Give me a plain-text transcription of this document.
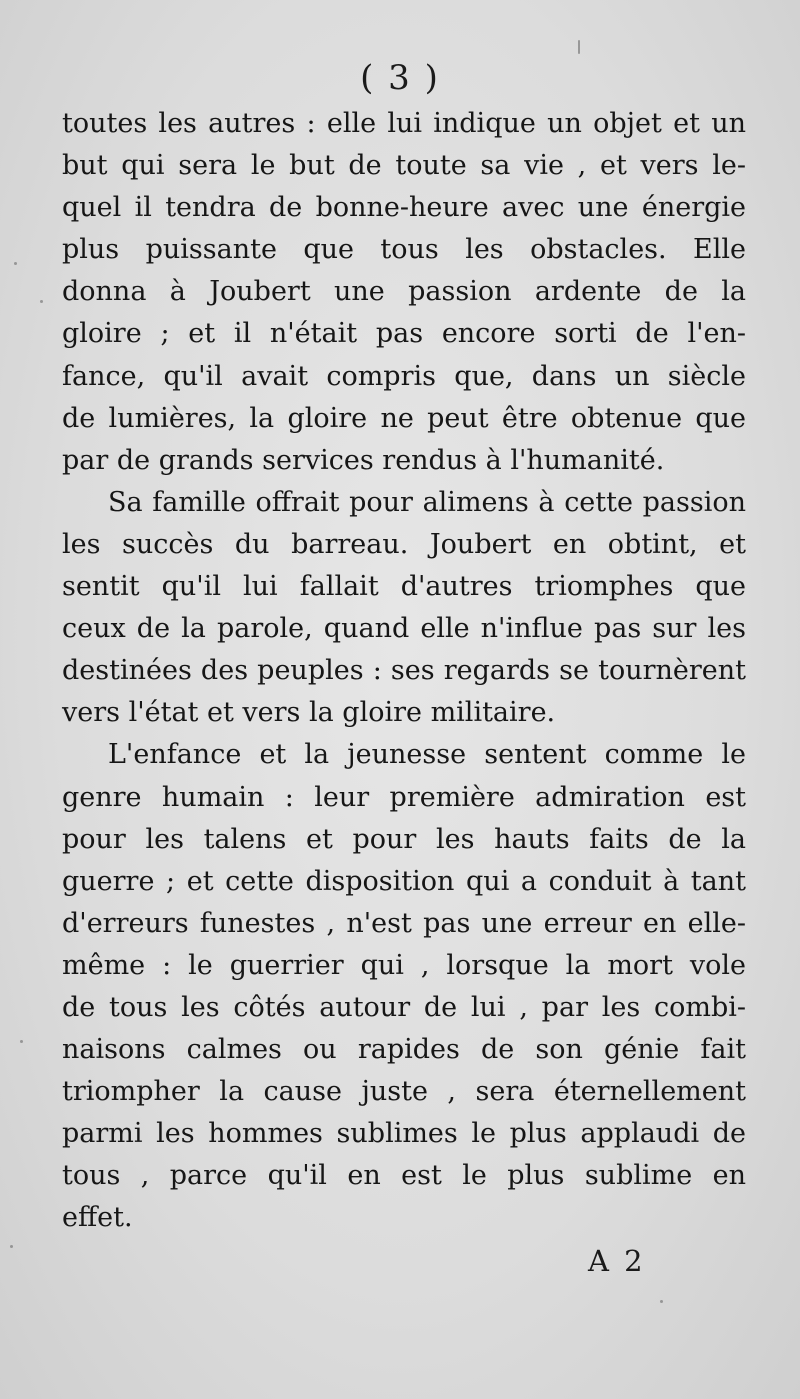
( 3 )
toutes les autres : elle lui indique un objet et un
but qui sera le but de toute sa vie , et vers le-
quel il tendra de bonne-heure avec une énergie
plus puissante que tous les obstacles. Elle
donna à Joubert une passion ardente de la
gloire ; et il n'était pas encore sorti de l'en-
fance, qu'il avait compris que, dans un siècle
de lumières, la gloire ne peut être obtenue que
par de grands services rendus à l'humanité.
Sa famille offrait pour alimens à cette passion
les succès du barreau. Joubert en obtint, et
sentit qu'il lui fallait d'autres triomphes que
ceux de la parole, quand elle n'influe pas sur les
destinées des peuples : ses regards se tournèrent
vers l'état et vers la gloire militaire.
L'enfance et la jeunesse sentent comme le
genre humain : leur première admiration est
pour les talens et pour les hauts faits de la
guerre ; et cette disposition qui a conduit à tant
d'erreurs funestes , n'est pas une erreur en elle-
même : le guerrier qui , lorsque la mort vole
de tous les côtés autour de lui , par les combi-
naisons calmes ou rapides de son génie fait
triompher la cause juste , sera éternellement
parmi les hommes sublimes le plus applaudi de
tous , parce qu'il en est le plus sublime en
effet.
A 2
